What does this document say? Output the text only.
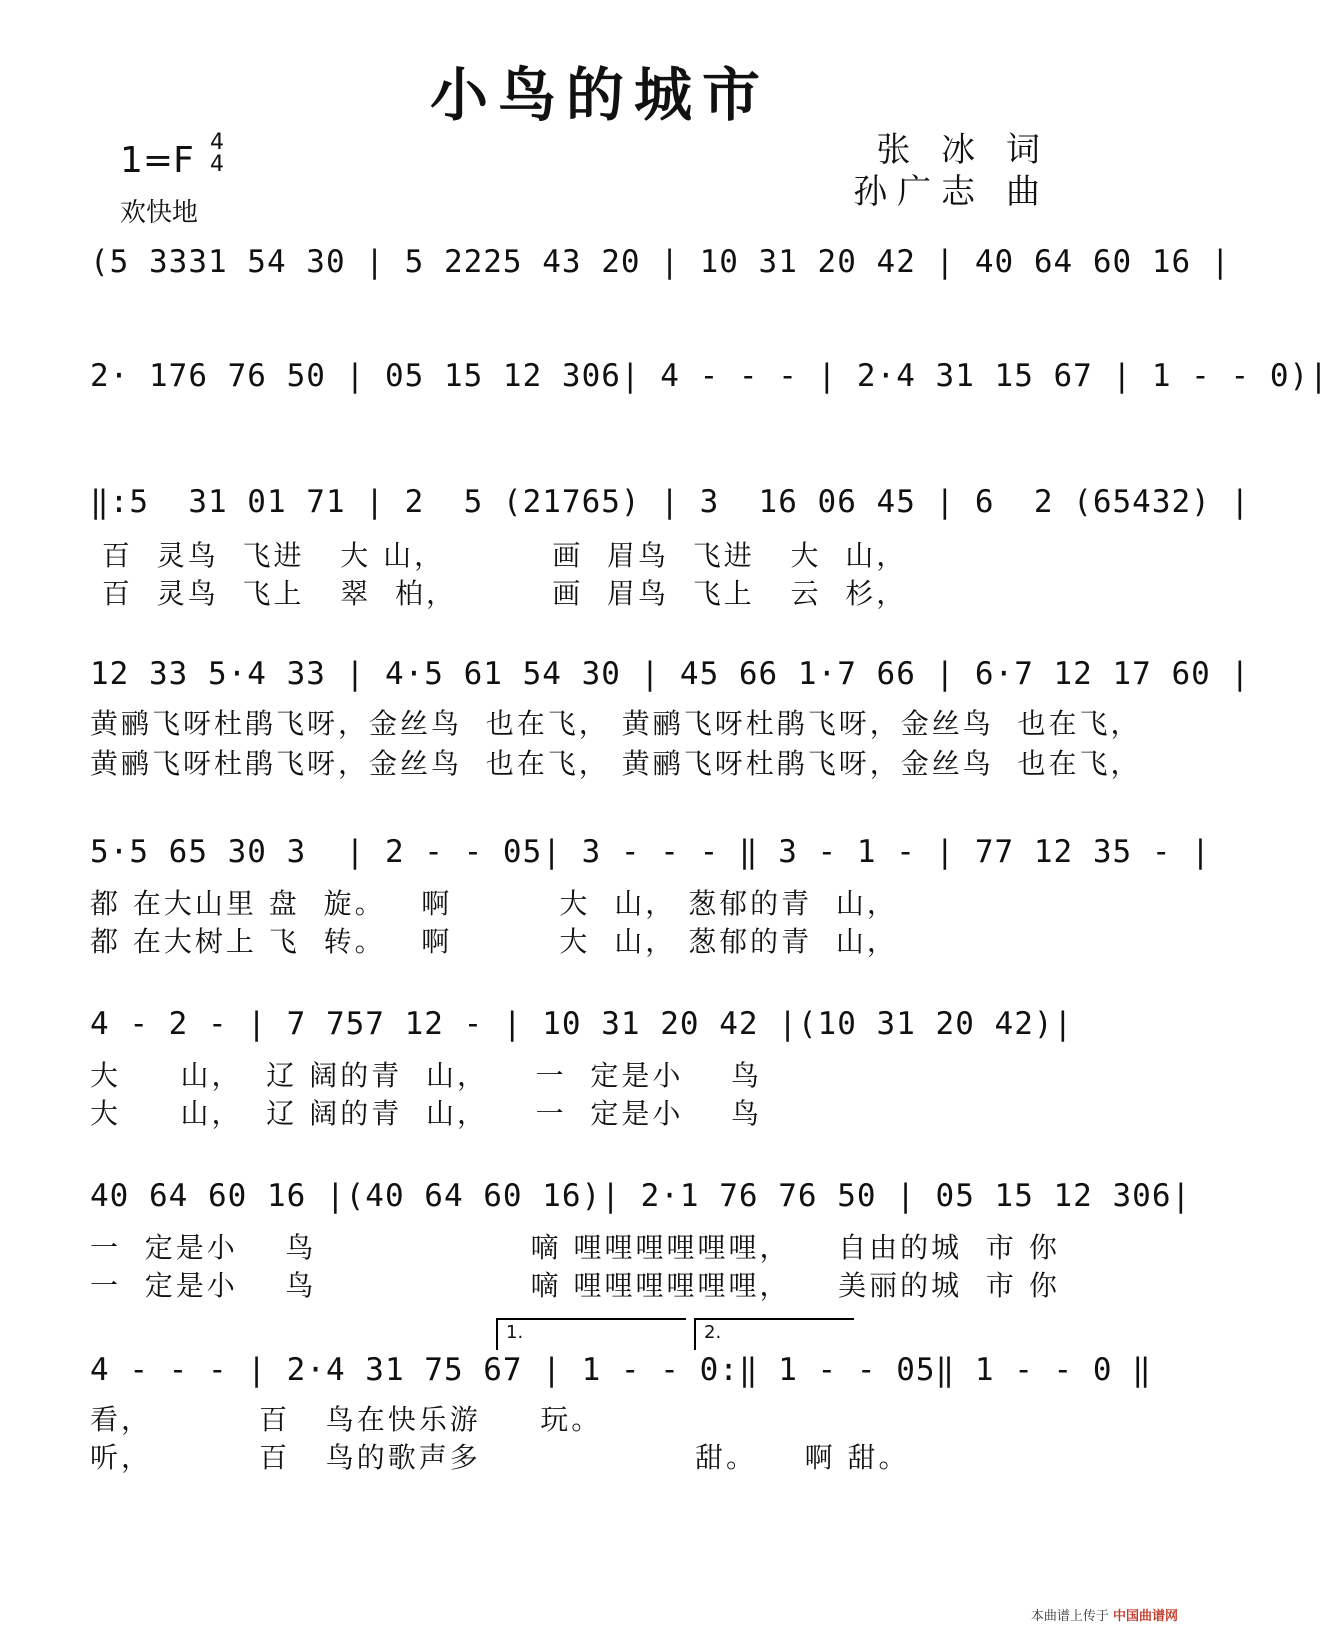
小鸟的城市
1=F 4
4
欢快地
张 冰 词
孙广志 曲
(5 3331 54 30 | 5 2225 43 20 | 10 31 20 42 | 40 64 60 16 |
2· 176 76 50 | 05 15 12 306| 4 - - - | 2·4 31 15 67 | 1 - - 0)|
‖:5  31 01 71 | 2  5 (21765) | 3  16 06 45 | 6  2 (65432) |
百  灵鸟  飞进   大 山，         画  眉鸟  飞进   大  山，
百  灵鸟  飞上   翠  柏，        画  眉鸟  飞上   云  杉，
12 33 5·4 33 | 4·5 61 54 30 | 45 66 1·7 66 | 6·7 12 17 60 |
黄鹂飞呀杜鹃飞呀，金丝鸟  也在飞， 黄鹂飞呀杜鹃飞呀，金丝鸟  也在飞，
黄鹂飞呀杜鹃飞呀，金丝鸟  也在飞， 黄鹂飞呀杜鹃飞呀，金丝鸟  也在飞，
5·5 65 30 3  | 2 - - 05| 3 - - - ‖ 3 - 1 - | 77 12 35 - |
都 在大山里 盘  旋。   啊         大  山， 葱郁的青  山，
都 在大树上 飞  转。   啊         大  山， 葱郁的青  山，
4 - 2 - | 7 757 12 - | 10 31 20 42 |(10 31 20 42)|
大     山，  辽 阔的青  山，    一  定是小    鸟
大     山，  辽 阔的青  山，    一  定是小    鸟
40 64 60 16 |(40 64 60 16)| 2·1 76 76 50 | 05 15 12 306|
一  定是小    鸟                  嘀 哩哩哩哩哩哩，    自由的城  市 你
一  定是小    鸟                  嘀 哩哩哩哩哩哩，    美丽的城  市 你
1.	2.
4 - - - | 2·4 31 75 67 | 1 - - 0:‖ 1 - - 05‖ 1 - - 0 ‖
看，         百   鸟在快乐游     玩。
听，         百   鸟的歌声多                  甜。    啊 甜。
本曲谱上传于 中国曲谱网
